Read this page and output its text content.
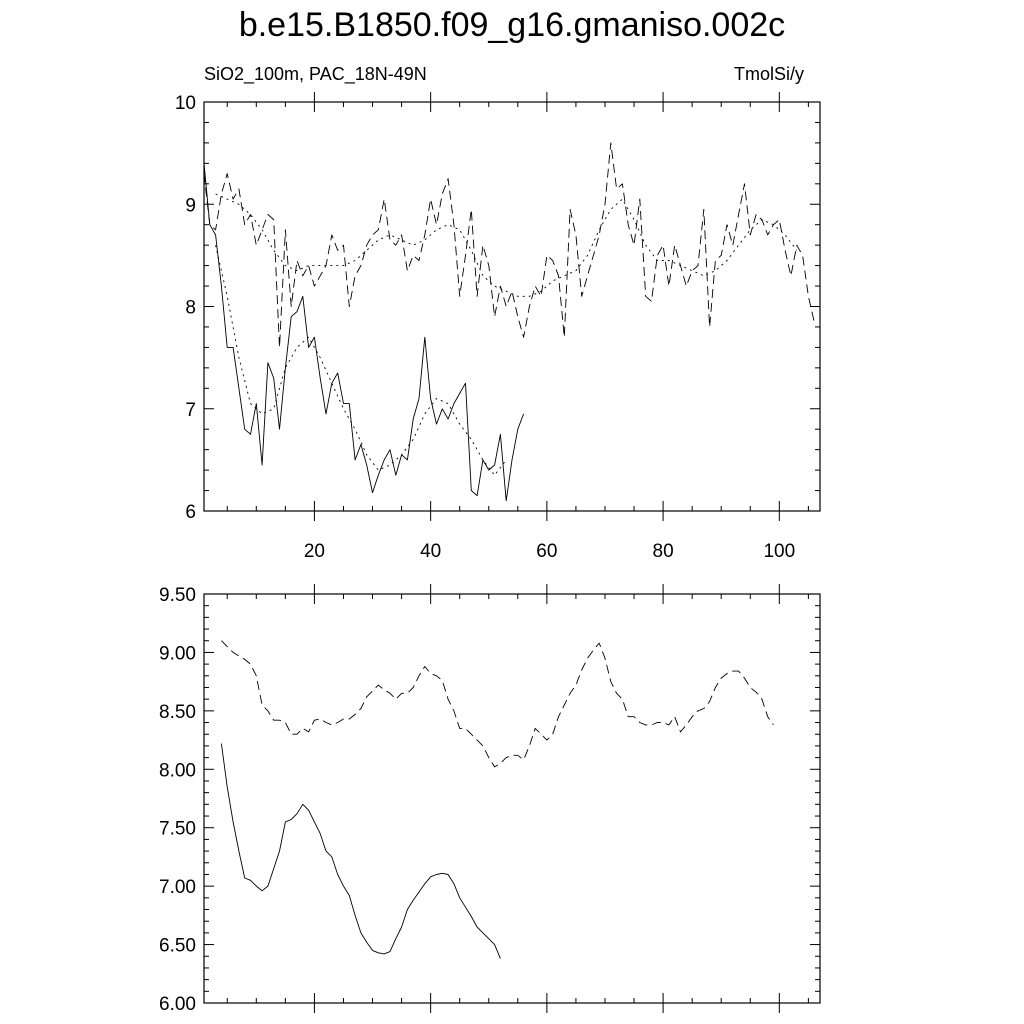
b.e15.B1850.f09_g16.gmaniso.002c
SiO2_100m, PAC_18N-49N	TmolSi/y
6
7
8
9
10
20	40	60	80	100
6.00
6.50
7.00
7.50
8.00
8.50
9.00
9.50
